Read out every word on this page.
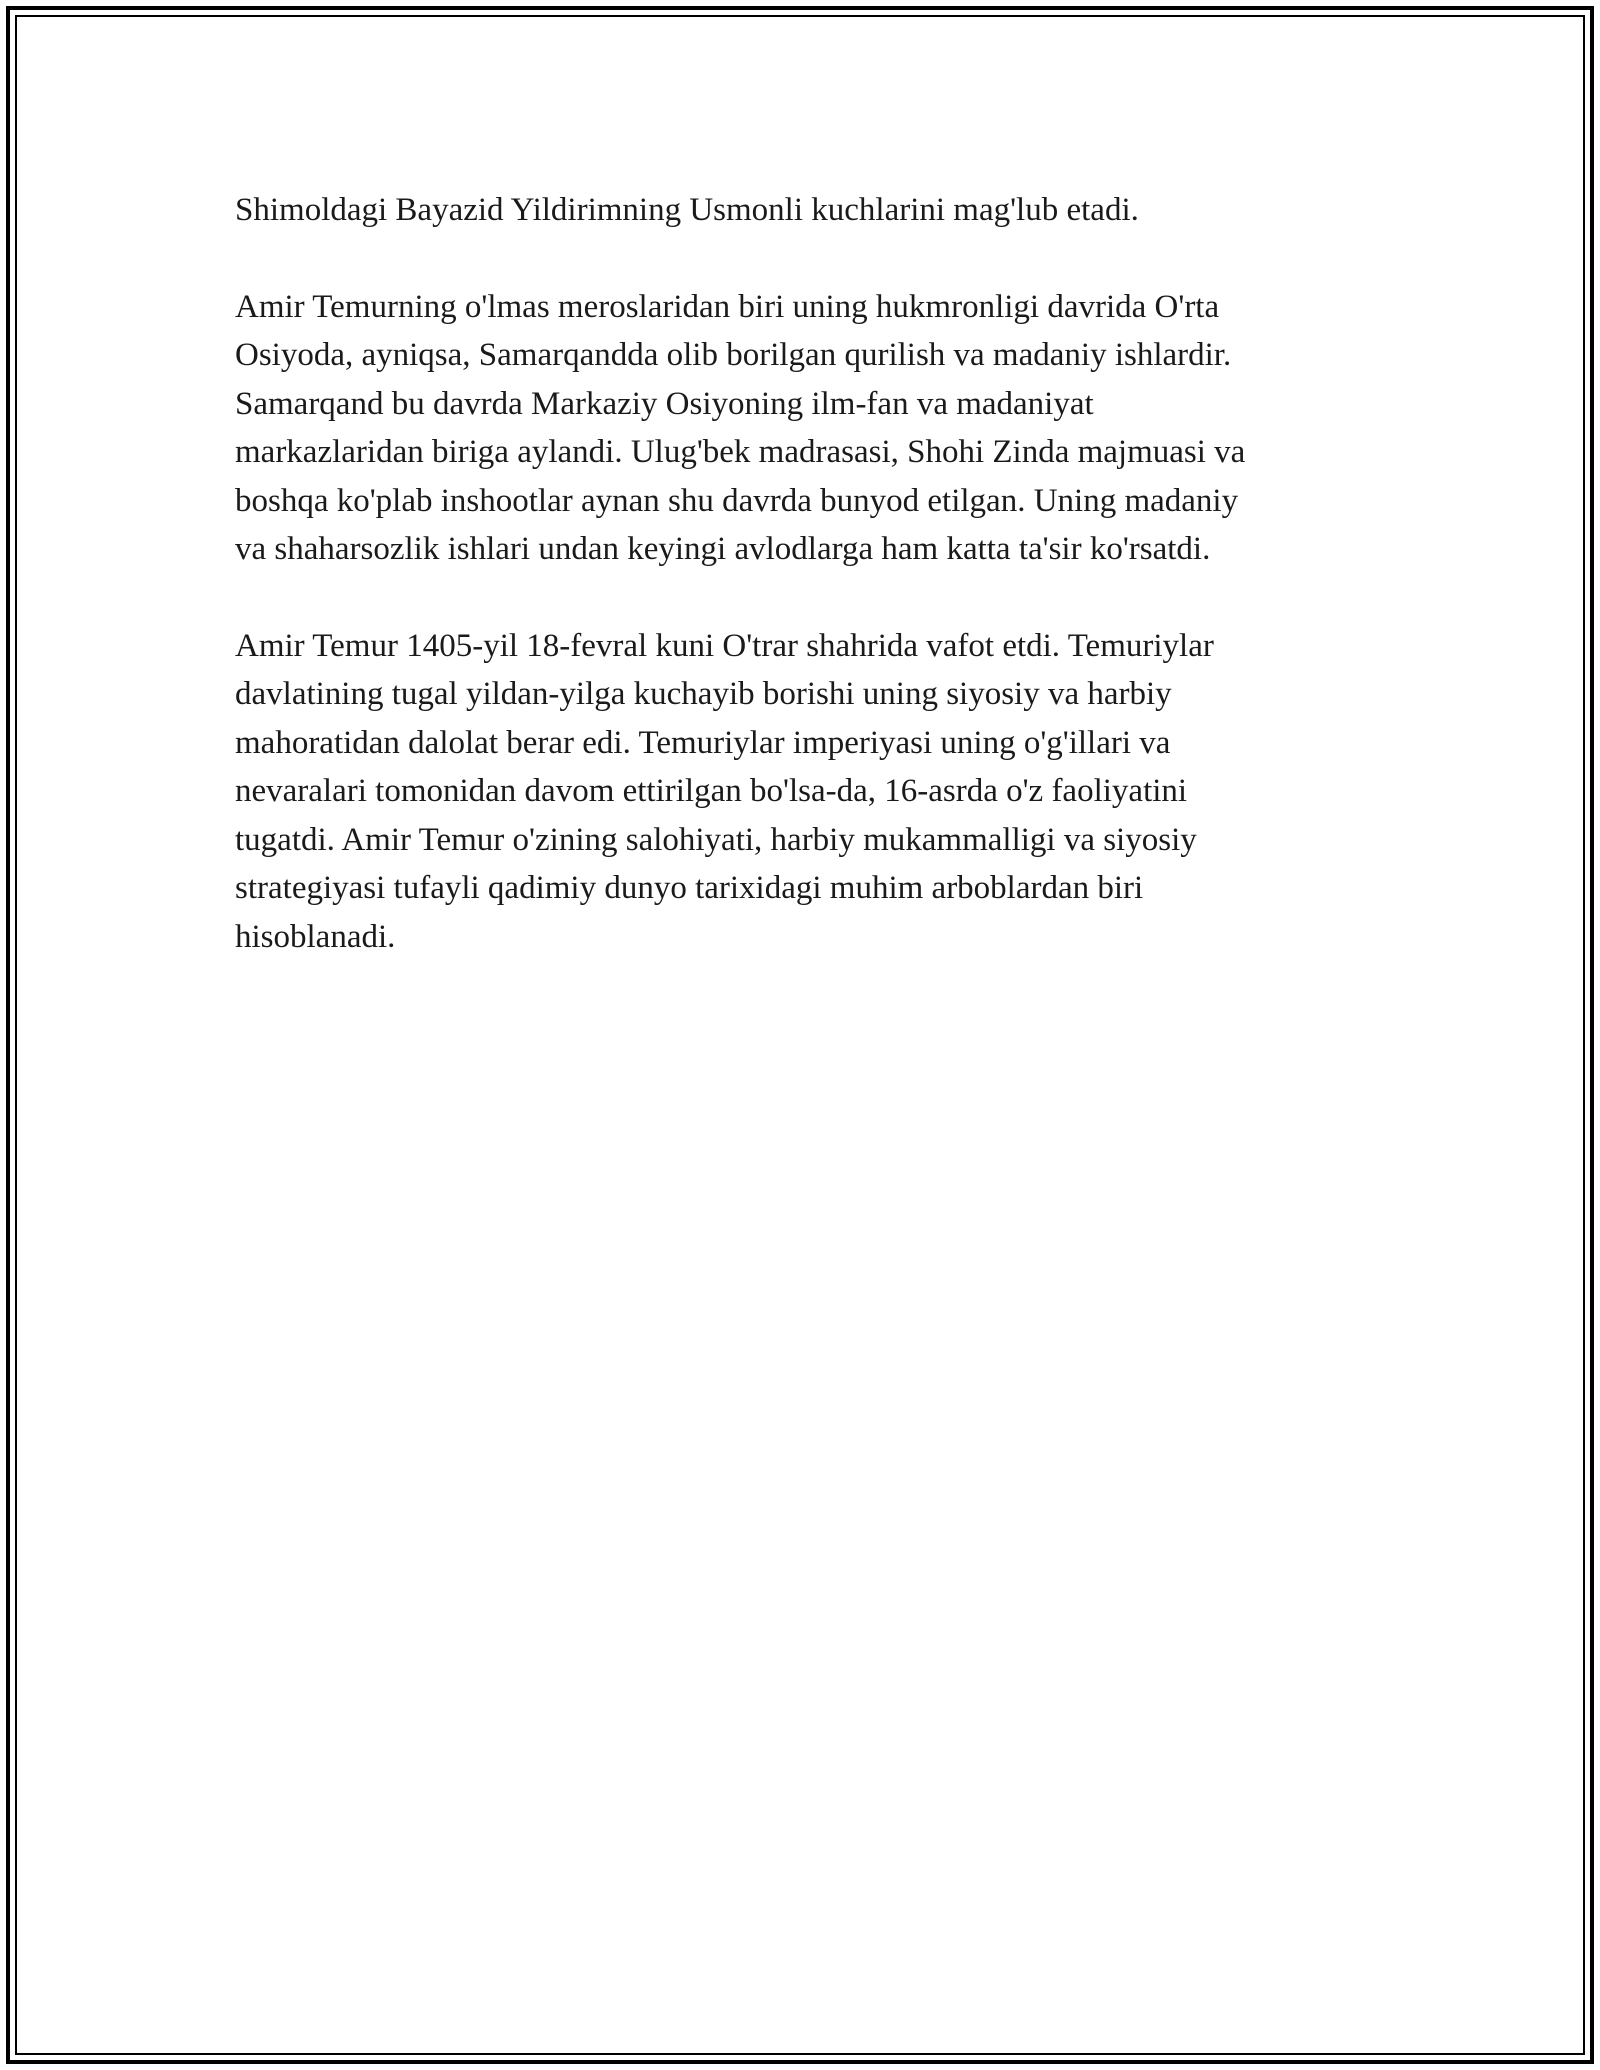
Shimoldagi Bayazid Yildirimning Usmonli kuchlarini mag'lub etadi.

Amir Temurning o'lmas meroslaridan biri uning hukmronligi davrida O'rta
Osiyoda, ayniqsa, Samarqandda olib borilgan qurilish va madaniy ishlardir.
Samarqand bu davrda Markaziy Osiyoning ilm-fan va madaniyat
markazlaridan biriga aylandi. Ulug'bek madrasasi, Shohi Zinda majmuasi va
boshqa ko'plab inshootlar aynan shu davrda bunyod etilgan. Uning madaniy
va shaharsozlik ishlari undan keyingi avlodlarga ham katta ta'sir ko'rsatdi.

Amir Temur 1405-yil 18-fevral kuni O'trar shahrida vafot etdi. Temuriylar
davlatining tugal yildan-yilga kuchayib borishi uning siyosiy va harbiy
mahoratidan dalolat berar edi. Temuriylar imperiyasi uning o'g'illari va
nevaralari tomonidan davom ettirilgan bo'lsa-da, 16-asrda o'z faoliyatini
tugatdi. Amir Temur o'zining salohiyati, harbiy mukammalligi va siyosiy
strategiyasi tufayli qadimiy dunyo tarixidagi muhim arboblardan biri
hisoblanadi.
